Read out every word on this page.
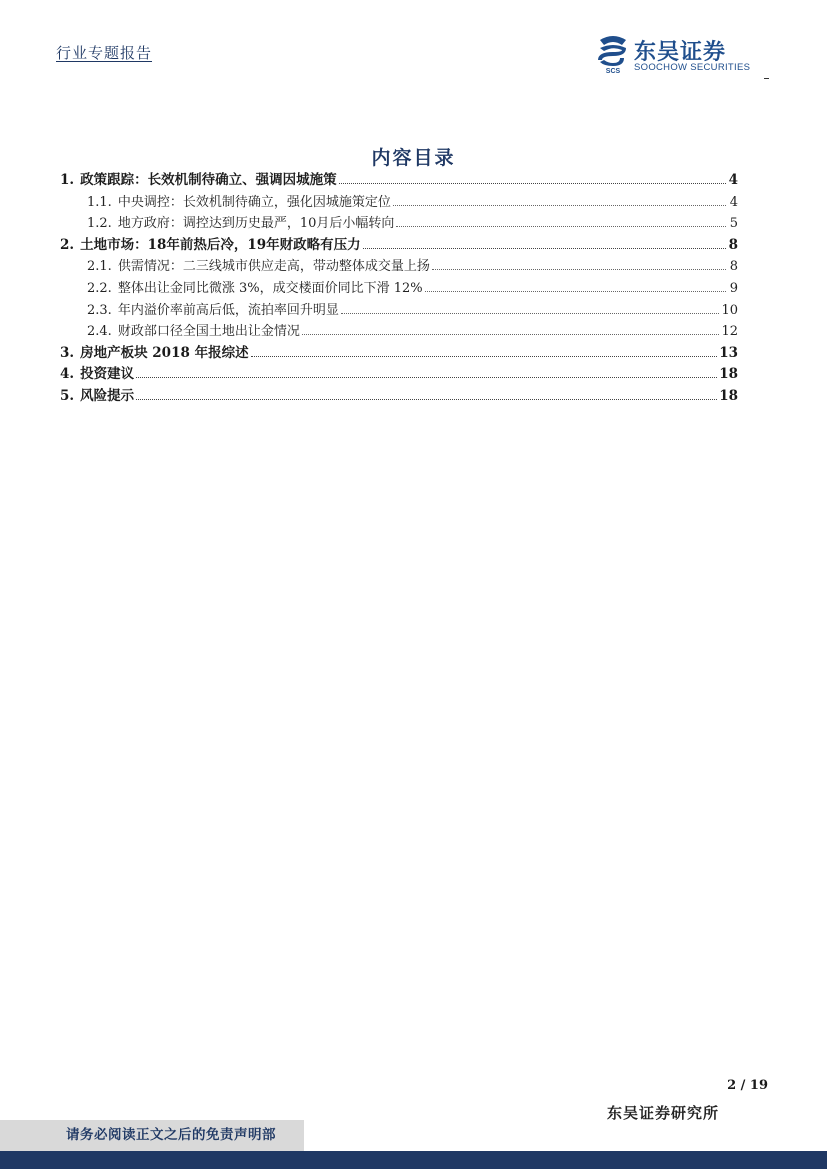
行业专题报告
SCS
东吴证券
SOOCHOW SECURITIES
内容目录
1. 政策跟踪：长效机制待确立、强调因城施策	4
1.1. 中央调控：长效机制待确立，强化因城施策定位	4
1.2. 地方政府：调控达到历史最严，10月后小幅转向	5
2. 土地市场：18年前热后冷，19年财政略有压力	8
2.1. 供需情况：二三线城市供应走高，带动整体成交量上扬	8
2.2. 整体出让金同比微涨 3%，成交楼面价同比下滑 12%	9
2.3. 年内溢价率前高后低，流拍率回升明显	10
2.4. 财政部口径全国土地出让金情况	12
3. 房地产板块 2018 年报综述	13
4. 投资建议	18
5. 风险提示	18
2 / 19
东吴证券研究所
请务必阅读正文之后的免责声明部
